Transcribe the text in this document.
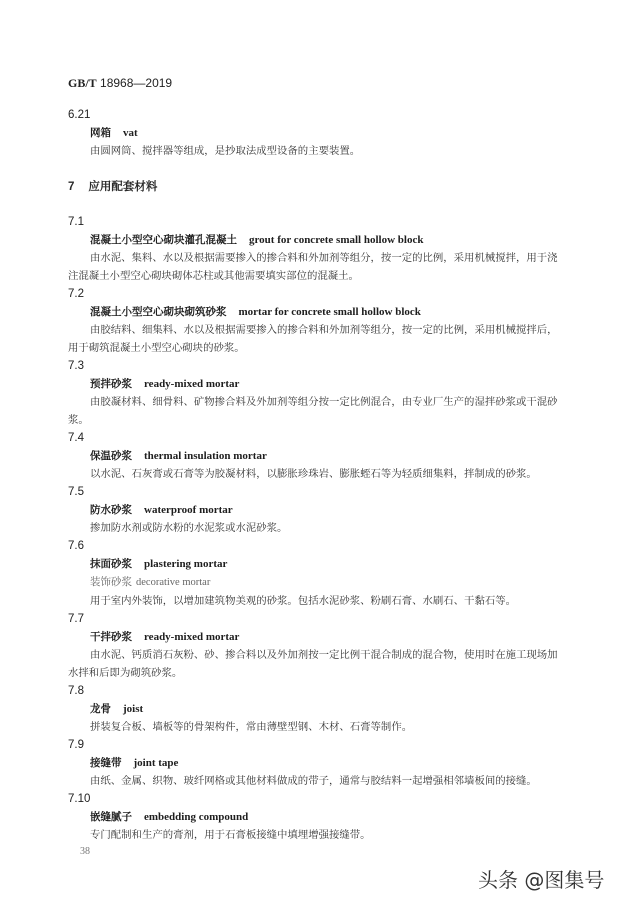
GB/T 18968—2019
6.21
网箱 vat
由圆网筒、搅拌器等组成，是抄取法成型设备的主要装置。
7 应用配套材料
7.1
混凝土小型空心砌块灌孔混凝土 grout for concrete small hollow block
由水泥、集料、水以及根据需要掺入的掺合料和外加剂等组分，按一定的比例，采用机械搅拌，用于浇注混凝土小型空心砌块砌体芯柱或其他需要填实部位的混凝土。
7.2
混凝土小型空心砌块砌筑砂浆 mortar for concrete small hollow block
由胶结料、细集料、水以及根据需要掺入的掺合料和外加剂等组分，按一定的比例，采用机械搅拌后，用于砌筑混凝土小型空心砌块的砂浆。
7.3
预拌砂浆 ready-mixed mortar
由胶凝材料、细骨料、矿物掺合料及外加剂等组分按一定比例混合，由专业厂生产的湿拌砂浆或干混砂浆。
7.4
保温砂浆 thermal insulation mortar
以水泥、石灰膏或石膏等为胶凝材料，以膨胀珍珠岩、膨胀蛭石等为轻质细集料，拌制成的砂浆。
7.5
防水砂浆 waterproof mortar
掺加防水剂或防水粉的水泥浆或水泥砂浆。
7.6
抹面砂浆 plastering mortar
装饰砂浆 decorative mortar
用于室内外装饰，以增加建筑物美观的砂浆。包括水泥砂浆、粉刷石膏、水刷石、干黏石等。
7.7
干拌砂浆 ready-mixed mortar
由水泥、钙质消石灰粉、砂、掺合料以及外加剂按一定比例干混合制成的混合物，使用时在施工现场加水拌和后即为砌筑砂浆。
7.8
龙骨 joist
拼装复合板、墙板等的骨架构件，常由薄壁型钢、木材、石膏等制作。
7.9
接缝带 joint tape
由纸、金属、织物、玻纤网格或其他材料做成的带子，通常与胶结料一起增强相邻墙板间的接缝。
7.10
嵌缝腻子 embedding compound
专门配制和生产的膏剂，用于石膏板接缝中填埋增强接缝带。
38
头条 @图集号
